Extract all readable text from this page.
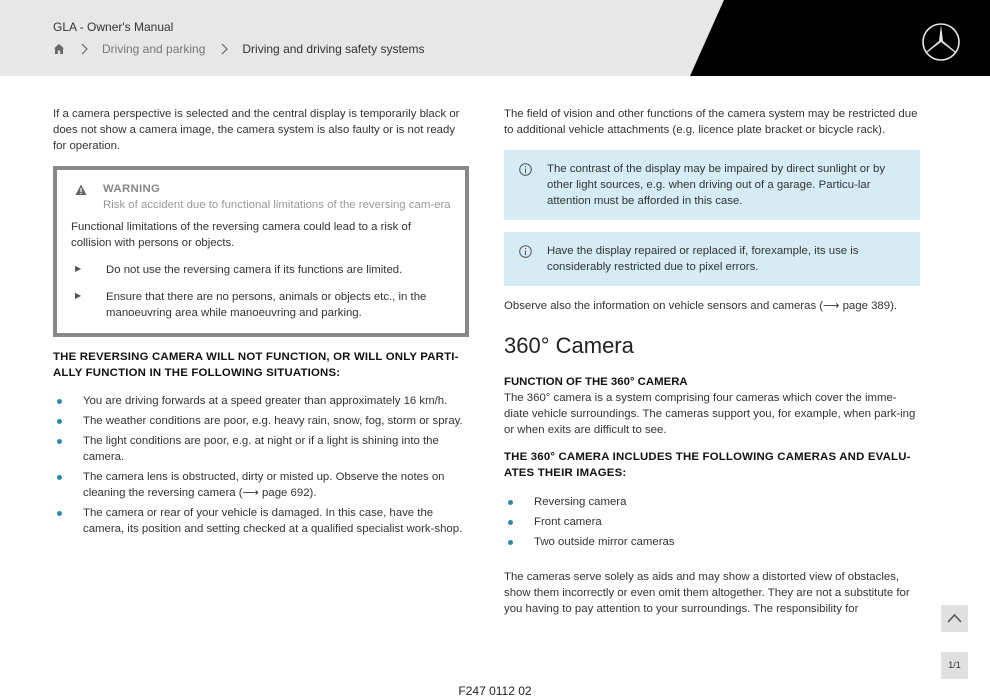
GLA - Owner's Manual
Driving and parking	Driving and driving safety systems

If a camera perspective is selected and the central display is temporarily black or does not show a camera image, the camera system is also faulty or is not ready for operation.

WARNING
Risk of accident due to functional limitations of the reversing cam-era

Functional limitations of the reversing camera could lead to a risk of collision with persons or objects.

▶	Do not use the reversing camera if its functions are limited.

▶	Ensure that there are no persons, animals or objects etc., in the manoeuvring area while manoeuvring and parking.

THE REVERSING CAMERA WILL NOT FUNCTION, OR WILL ONLY PARTI-ALLY FUNCTION IN THE FOLLOWING SITUATIONS:
You are driving forwards at a speed greater than approximately 16 km/h.
The weather conditions are poor, e.g. heavy rain, snow, fog, storm or spray.
The light conditions are poor, e.g. at night or if a light is shining into the camera.
The camera lens is obstructed, dirty or misted up. Observe the notes on cleaning the reversing camera (⟶ page 692).
The camera or rear of your vehicle is damaged. In this case, have the camera, its position and setting checked at a qualified specialist work-shop.

The field of vision and other functions of the camera system may be restricted due to additional vehicle attachments (e.g. licence plate bracket or bicycle rack).

The contrast of the display may be impaired by direct sunlight or by other light sources, e.g. when driving out of a garage. Particu-lar attention must be afforded in this case.

Have the display repaired or replaced if, forexample, its use is considerably restricted due to pixel errors.

Observe also the information on vehicle sensors and cameras (⟶ page 389).

360° Camera
FUNCTION OF THE 360° CAMERA

The 360° camera is a system comprising four cameras which cover the imme-diate vehicle surroundings. The cameras support you, for example, when park-ing or when exits are difficult to see.

THE 360° CAMERA INCLUDES THE FOLLOWING CAMERAS AND EVALU-ATES THEIR IMAGES:
Reversing camera
Front camera
Two outside mirror cameras

The cameras serve solely as aids and may show a distorted view of obstacles, show them incorrectly or even omit them altogether. They are not a substitute for you having to pay attention to your surroundings. The responsibility for

1/1
F247 0112 02
